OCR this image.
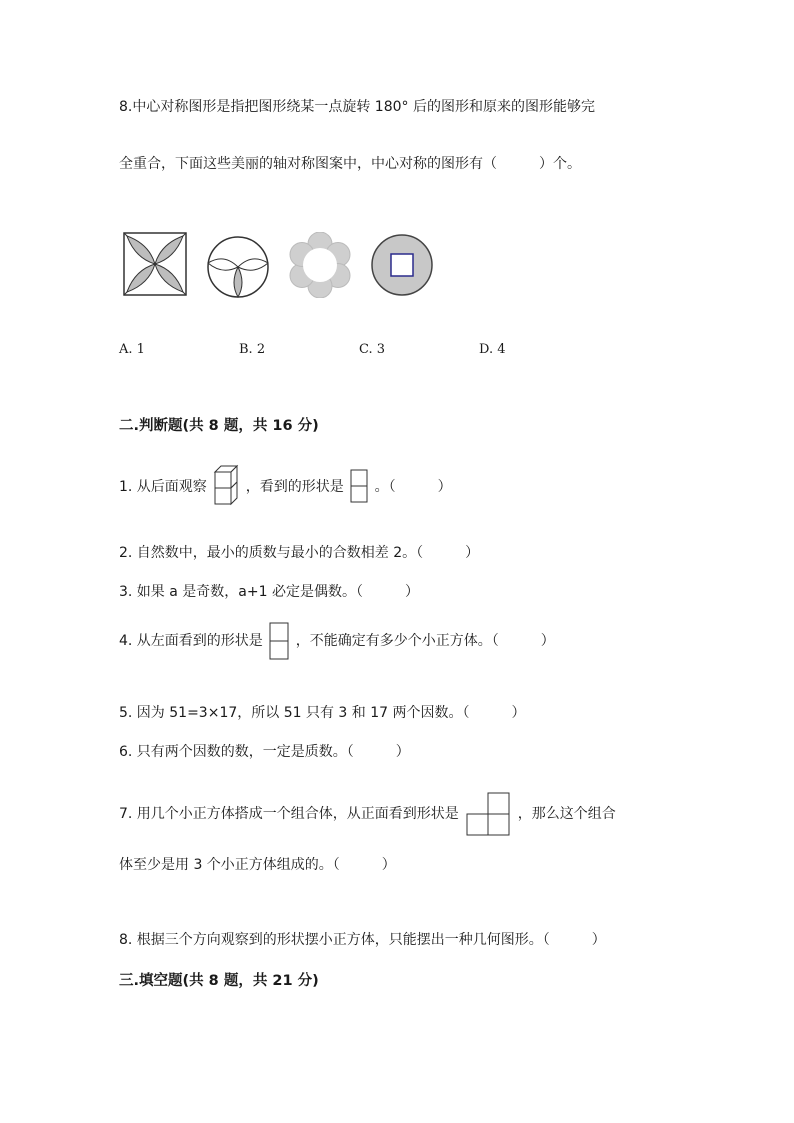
8.中心对称图形是指把图形绕某一点旋转 180° 后的图形和原来的图形能够完
全重合，下面这些美丽的轴对称图案中，中心对称的图形有（　　　）个。
A. 1	B. 2	C. 3	D. 4
二.判断题(共 8 题，共 16 分)
1. 从后面观察	，看到的形状是 。（　　　）
2. 自然数中，最小的质数与最小的合数相差 2。（　　　）
3. 如果 a 是奇数，a+1 必定是偶数。（　　　）
4. 从左面看到的形状是 ，不能确定有多少个小正方体。（　　　）
5. 因为 51=3×17，所以 51 只有 3 和 17 两个因数。（　　　）
6. 只有两个因数的数，一定是质数。（　　　）
7. 用几个小正方体搭成一个组合体，从正面看到形状是	，那么这个组合
体至少是用 3 个小正方体组成的。（　　　）
8. 根据三个方向观察到的形状摆小正方体，只能摆出一种几何图形。（　　　）
三.填空题(共 8 题，共 21 分)
